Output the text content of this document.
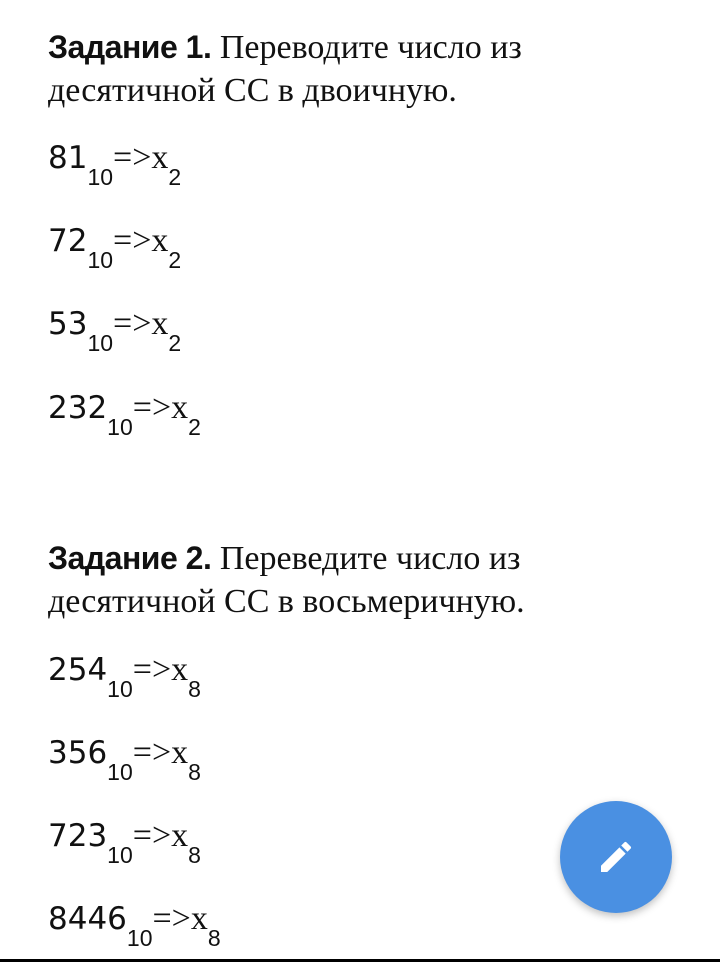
Задание 1. Переводите число из десятичной СС в двоичную.
$81_{10}=>x_2$
$72_{10}=>x_2$
$53_{10}=>x_2$
$232_{10}=>x_2$
Задание 2. Переведите число из десятичной СС в восьмеричную.
$254_{10}=>x_8$
$356_{10}=>x_8$
$723_{10}=>x_8$
$8446_{10}=>x_8$
